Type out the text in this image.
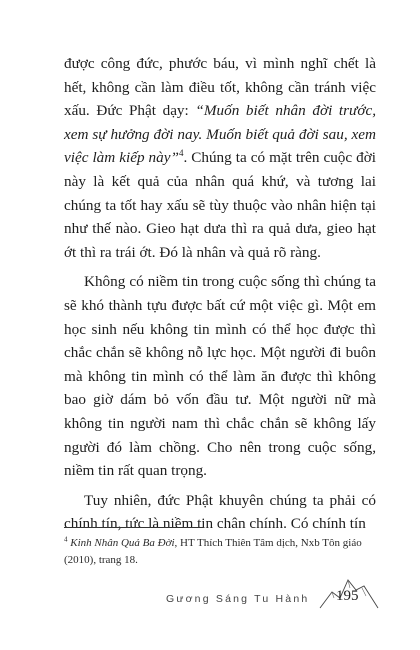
được công đức, phước báu, vì mình nghĩ chết là hết, không cần làm điều tốt, không cần tránh việc xấu. Đức Phật dạy: “Muốn biết nhân đời trước, xem sự hưởng đời nay. Muốn biết quả đời sau, xem việc làm kiếp này”$^4$. Chúng ta có mặt trên cuộc đời này là kết quả của nhân quá khứ, và tương lai chúng ta tốt hay xấu sẽ tùy thuộc vào nhân hiện tại như thế nào. Gieo hạt dưa thì ra quả dưa, gieo hạt ớt thì ra trái ớt. Đó là nhân và quả rõ ràng.

Không có niềm tin trong cuộc sống thì chúng ta sẽ khó thành tựu được bất cứ một việc gì. Một em học sinh nếu không tin mình có thể học được thì chắc chắn sẽ không nỗ lực học. Một người đi buôn mà không tin mình có thể làm ăn được thì không bao giờ dám bỏ vốn đầu tư. Một người nữ mà không tin người nam thì chắc chắn sẽ không lấy người đó làm chồng. Cho nên trong cuộc sống, niềm tin rất quan trọng.

Tuy nhiên, đức Phật khuyên chúng ta phải có chính tín, tức là niềm tin chân chính. Có chính tín

$^4$ Kinh Nhân Quả Ba Đời, HT Thích Thiên Tâm dịch, Nxb Tôn giáo (2010), trang 18.
Gương Sáng Tu Hành 195
